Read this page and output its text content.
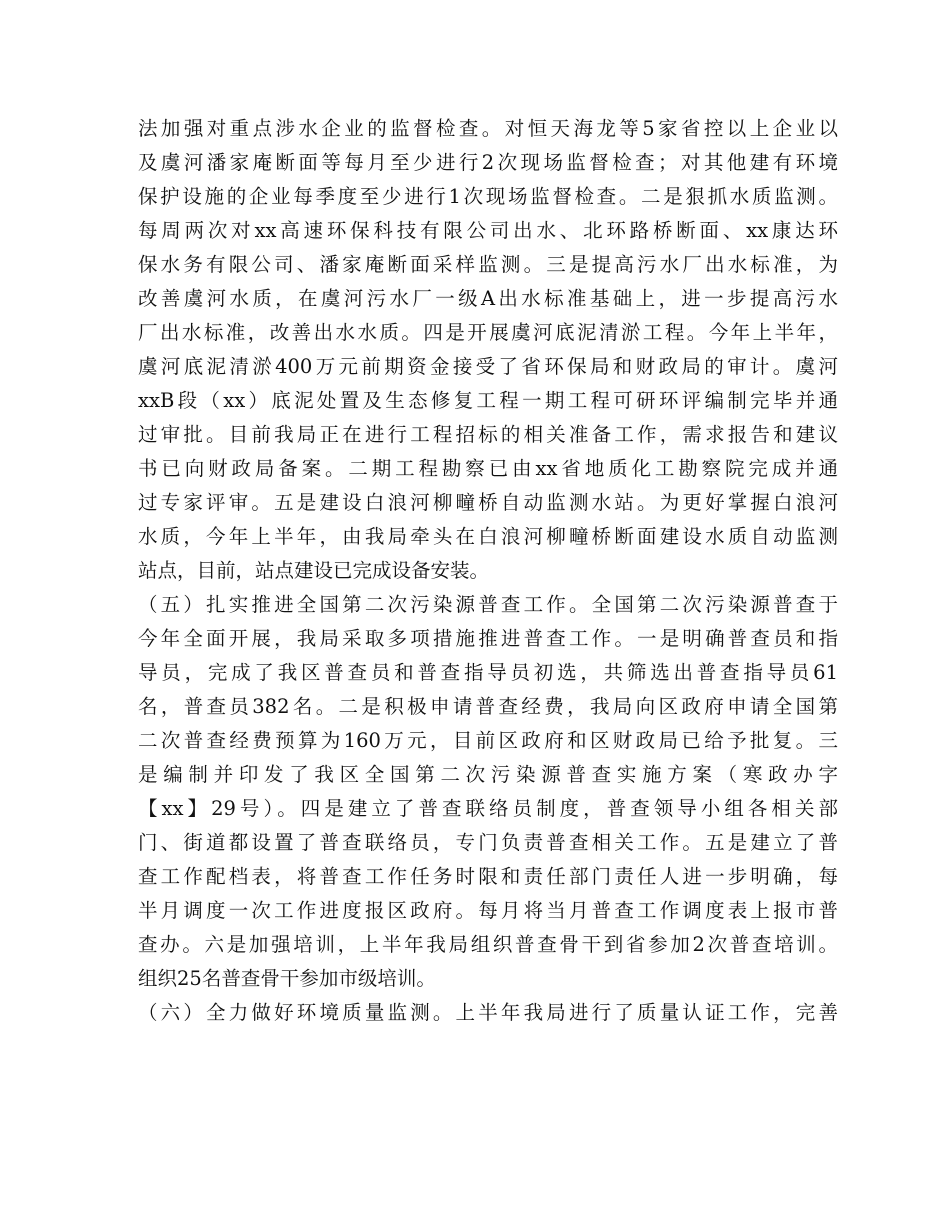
法加强对重点涉水企业的监督检查。对恒天海龙等5家省控以上企业以
及虞河潘家庵断面等每月至少进行2次现场监督检查；对其他建有环境
保护设施的企业每季度至少进行1次现场监督检查。二是狠抓水质监测。
每周两次对xx高速环保科技有限公司出水、北环路桥断面、xx康达环
保水务有限公司、潘家庵断面采样监测。三是提高污水厂出水标准，为
改善虞河水质，在虞河污水厂一级A出水标准基础上，进一步提高污水
厂出水标准，改善出水水质。四是开展虞河底泥清淤工程。今年上半年，
虞河底泥清淤400万元前期资金接受了省环保局和财政局的审计。虞河
xxB段（xx）底泥处置及生态修复工程一期工程可研环评编制完毕并通
过审批。目前我局正在进行工程招标的相关准备工作，需求报告和建议
书已向财政局备案。二期工程勘察已由xx省地质化工勘察院完成并通
过专家评审。五是建设白浪河柳疃桥自动监测水站。为更好掌握白浪河
水质，今年上半年，由我局牵头在白浪河柳疃桥断面建设水质自动监测
站点，目前，站点建设已完成设备安装。
（五）扎实推进全国第二次污染源普查工作。全国第二次污染源普查于
今年全面开展，我局采取多项措施推进普查工作。一是明确普查员和指
导员，完成了我区普查员和普查指导员初选，共筛选出普查指导员61
名，普查员382名。二是积极申请普查经费，我局向区政府申请全国第
二次普查经费预算为160万元，目前区政府和区财政局已给予批复。三
是编制并印发了我区全国第二次污染源普查实施方案（寒政办字
【xx】29号）。四是建立了普查联络员制度，普查领导小组各相关部
门、街道都设置了普查联络员，专门负责普查相关工作。五是建立了普
查工作配档表，将普查工作任务时限和责任部门责任人进一步明确，每
半月调度一次工作进度报区政府。每月将当月普查工作调度表上报市普
查办。六是加强培训，上半年我局组织普查骨干到省参加2次普查培训。
组织25名普查骨干参加市级培训。
（六）全力做好环境质量监测。上半年我局进行了质量认证工作，完善
